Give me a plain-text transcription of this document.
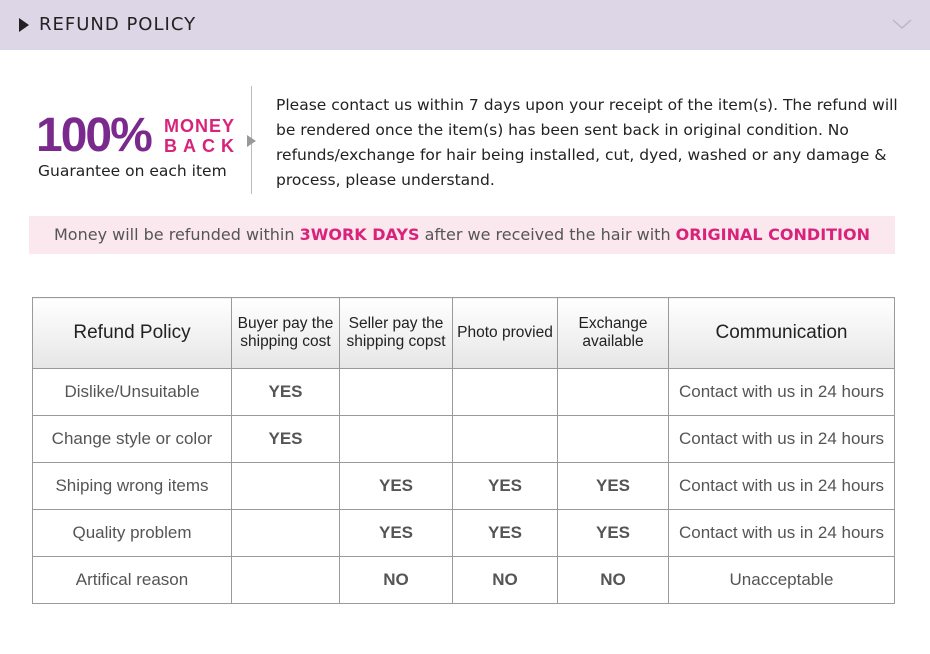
REFUND POLICY
100% MONEY
BACK
Guarantee on each item
Please contact us within 7 days upon your receipt of the item(s). The refund will be rendered once the item(s) has been sent back in original condition. No refunds/exchange for hair being installed, cut, dyed, washed or any damage & process, please understand.
Money will be refunded within 3WORK DAYS after we received the hair with ORIGINAL CONDITION
Refund Policy	Buyer pay the shipping cost	Seller pay the shipping copst	Photo provied	Exchange available	Communication
Dislike/Unsuitable	YES				Contact with us in 24 hours
Change style or color	YES				Contact with us in 24 hours
Shiping wrong items		YES	YES	YES	Contact with us in 24 hours
Quality problem		YES	YES	YES	Contact with us in 24 hours
Artifical reason		NO	NO	NO	Unacceptable
